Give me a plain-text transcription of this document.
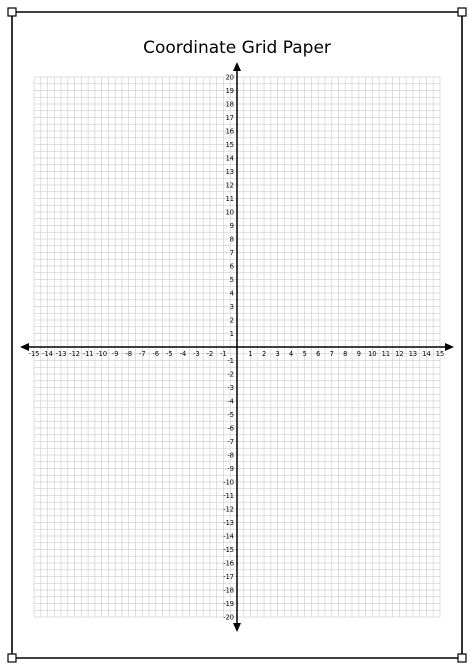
Coordinate Grid Paper
-15 -14 -13 -12 -11 -10 -9 -8 -7 -6 -5 -4 -3 -2 -1	1 2 3 4 5 6 7 8 9 10 11 12 13 14 15
-20
-19
-18
-17
-16
-15
-14
-13
-12
-11
-10
-9
-8
-7
-6
-5
-4
-3
-2
-1
1
2
3
4
5
6
7
8
9
10
11
12
13
14
15
16
17
18
19
20
